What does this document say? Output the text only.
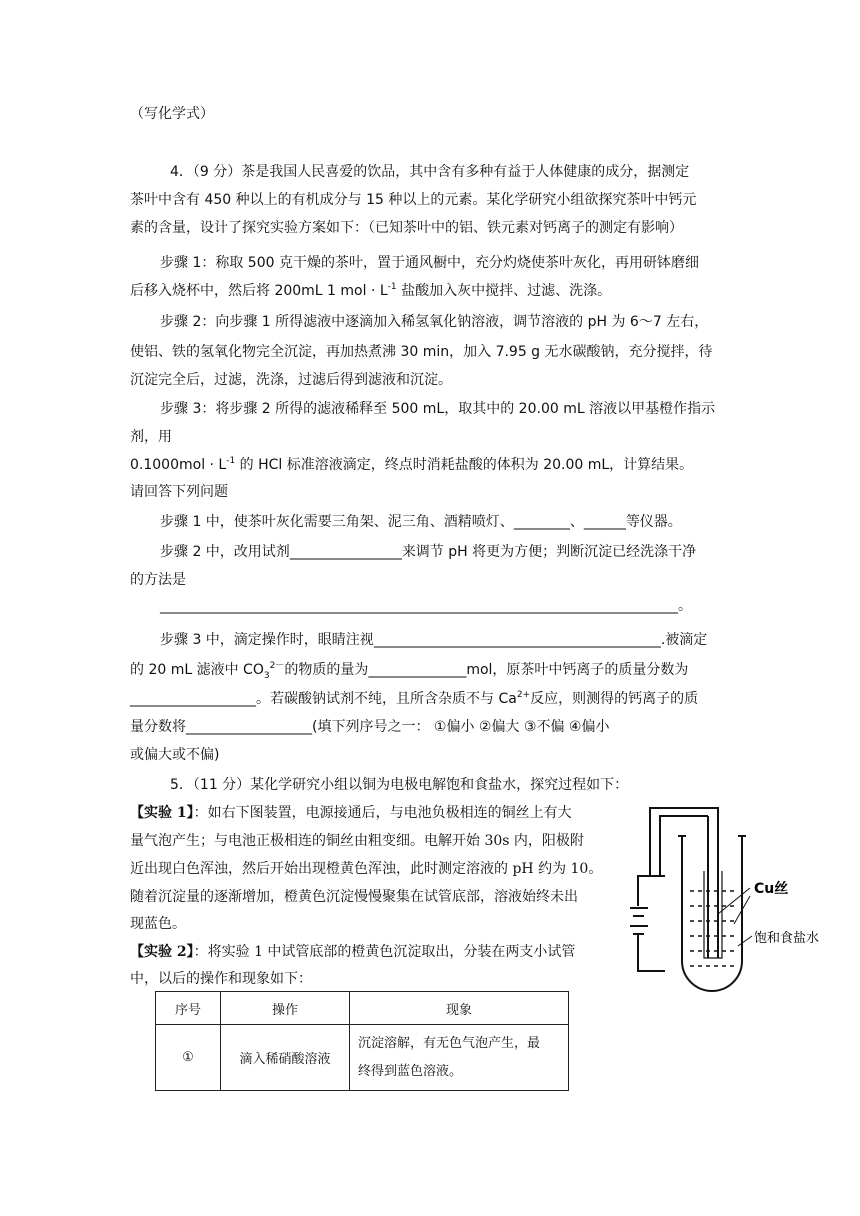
（写化学式）
4．（9 分）茶是我国人民喜爱的饮品，其中含有多种有益于人体健康的成分，据测定
茶叶中含有 450 种以上的有机成分与 15 种以上的元素。某化学研究小组欲探究茶叶中钙元
素的含量，设计了探究实验方案如下：（已知茶叶中的铝、铁元素对钙离子的测定有影响）
步骤 1：称取 500 克干燥的茶叶，置于通风橱中，充分灼烧使茶叶灰化，再用研钵磨细
后移入烧杯中，然后将 200mL 1 mol · $L^{-1}$ 盐酸加入灰中搅拌、过滤、洗涤。
步骤 2：向步骤 1 所得滤液中逐滴加入稀氢氧化钠溶液，调节溶液的 pH 为 6～7 左右，
使铝、铁的氢氧化物完全沉淀，再加热煮沸 30 min，加入 7.95 g 无水碳酸钠，充分搅拌，待
沉淀完全后，过滤，洗涤，过滤后得到滤液和沉淀。
步骤 3：将步骤 2 所得的滤液稀释至 500 mL，取其中的 20.00 mL 溶液以甲基橙作指示
剂，用
$0.1000mol \cdot L^{-1}$ 的 HCl 标准溶液滴定，终点时消耗盐酸的体积为 20.00 mL，计算结果。
请回答下列问题
步骤 1 中，使茶叶灰化需要三角架、泥三角、酒精喷灯、________、______等仪器。
步骤 2 中，改用试剂________________来调节 pH 将更为方便；判断沉淀已经洗涤干净
的方法是
__________________________________________________________________________。
步骤 3 中，滴定操作时，眼睛注视_________________________________________.被滴定
的 20 mL 滤液中 $CO_3^{2-}$的物质的量为______________mol，原茶叶中钙离子的质量分数为
__________________。若碳酸钠试剂不纯，且所含杂质不与 $Ca^{2+}$反应，则测得的钙离子的质
量分数将__________________(填下列序号之一： ①偏小 ②偏大 ③不偏 ④偏小
或偏大或不偏)
5．（11 分）某化学研究小组以铜为电极电解饱和食盐水，探究过程如下：
【实验 1】：如右下图装置，电源接通后，与电池负极相连的铜丝上有大
量气泡产生；与电池正极相连的铜丝由粗变细。电解开始 30s 内，阳极附
近出现白色浑浊，然后开始出现橙黄色浑浊，此时测定溶液的 pH 约为 10。
随着沉淀量的逐渐增加，橙黄色沉淀慢慢聚集在试管底部，溶液始终未出
现蓝色。
【实验 2】：将实验 1 中试管底部的橙黄色沉淀取出，分装在两支小试管
中，以后的操作和现象如下：
序号	操作	现象
①	滴入稀硝酸溶液	沉淀溶解，有无色气泡产生，最
终得到蓝色溶液。
Cu丝
饱和食盐水
